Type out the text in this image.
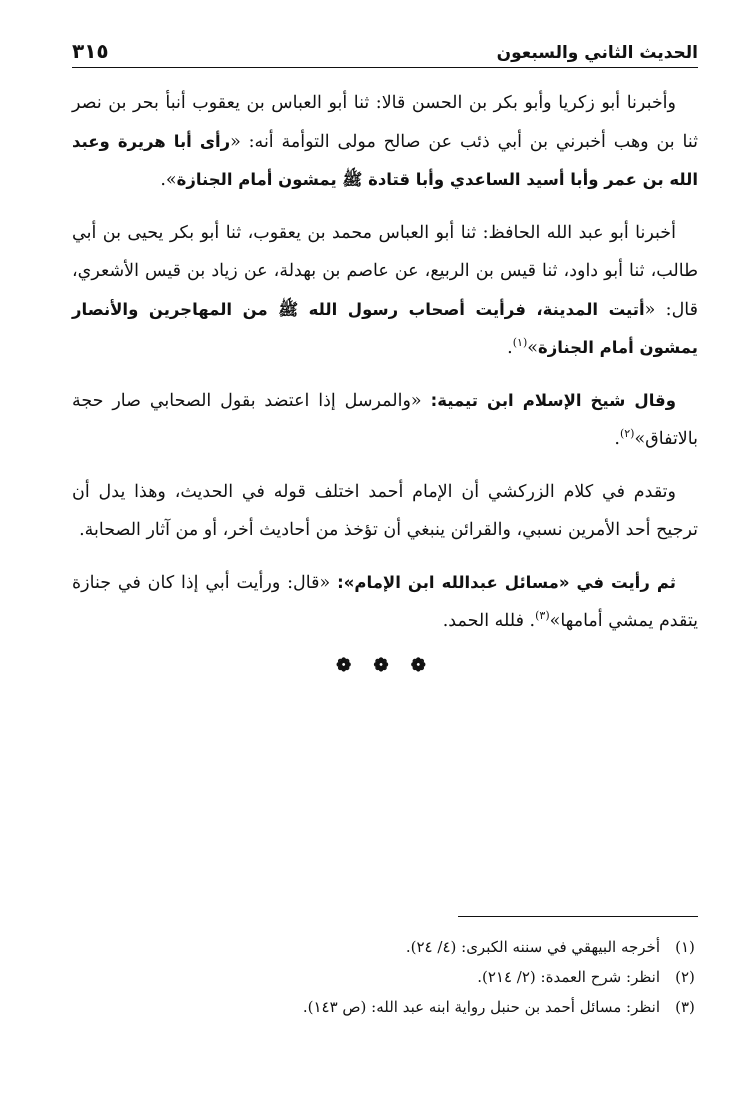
الحديث الثاني والسبعون
٣١٥

وأخبرنا أبو زكريا وأبو بكر بن الحسن قالا: ثنا أبو العباس بن يعقوب أنبأ بحر بن نصر ثنا بن وهب أخبرني بن أبي ذئب عن صالح مولى التوأمة أنه: «رأى أبا هريرة وعبد الله بن عمر وأبا أسيد الساعدي وأبا قتادة ﷺ يمشون أمام الجنازة».

أخبرنا أبو عبد الله الحافظ: ثنا أبو العباس محمد بن يعقوب، ثنا أبو بكر يحيى بن أبي طالب، ثنا أبو داود، ثنا قيس بن الربيع، عن عاصم بن بهدلة، عن زياد بن قيس الأشعري، قال: «أتيت المدينة، فرأيت أصحاب رسول الله ﷺ من المهاجرين والأنصار يمشون أمام الجنازة»$^{(١)}$.

وقال شيخ الإسلام ابن تيمية: «والمرسل إذا اعتضد بقول الصحابي صار حجة بالاتفاق»$^{(٢)}$.

وتقدم في كلام الزركشي أن الإمام أحمد اختلف قوله في الحديث، وهذا يدل أن ترجيح أحد الأمرين نسبي، والقرائن ينبغي أن تؤخذ من أحاديث أخر، أو من آثار الصحابة.

ثم رأيت في «مسائل عبدالله ابن الإمام»: «قال: ورأيت أبي إذا كان في جنازة يتقدم يمشي أمامها»$^{(٣)}$. فلله الحمد.

❁ ❁ ❁
(١)
أخرجه البيهقي في سننه الكبرى: (٤/ ٢٤).
(٢)
انظر: شرح العمدة: (٢/ ٢١٤).
(٣)
انظر: مسائل أحمد بن حنبل رواية ابنه عبد الله: (ص ١٤٣).
